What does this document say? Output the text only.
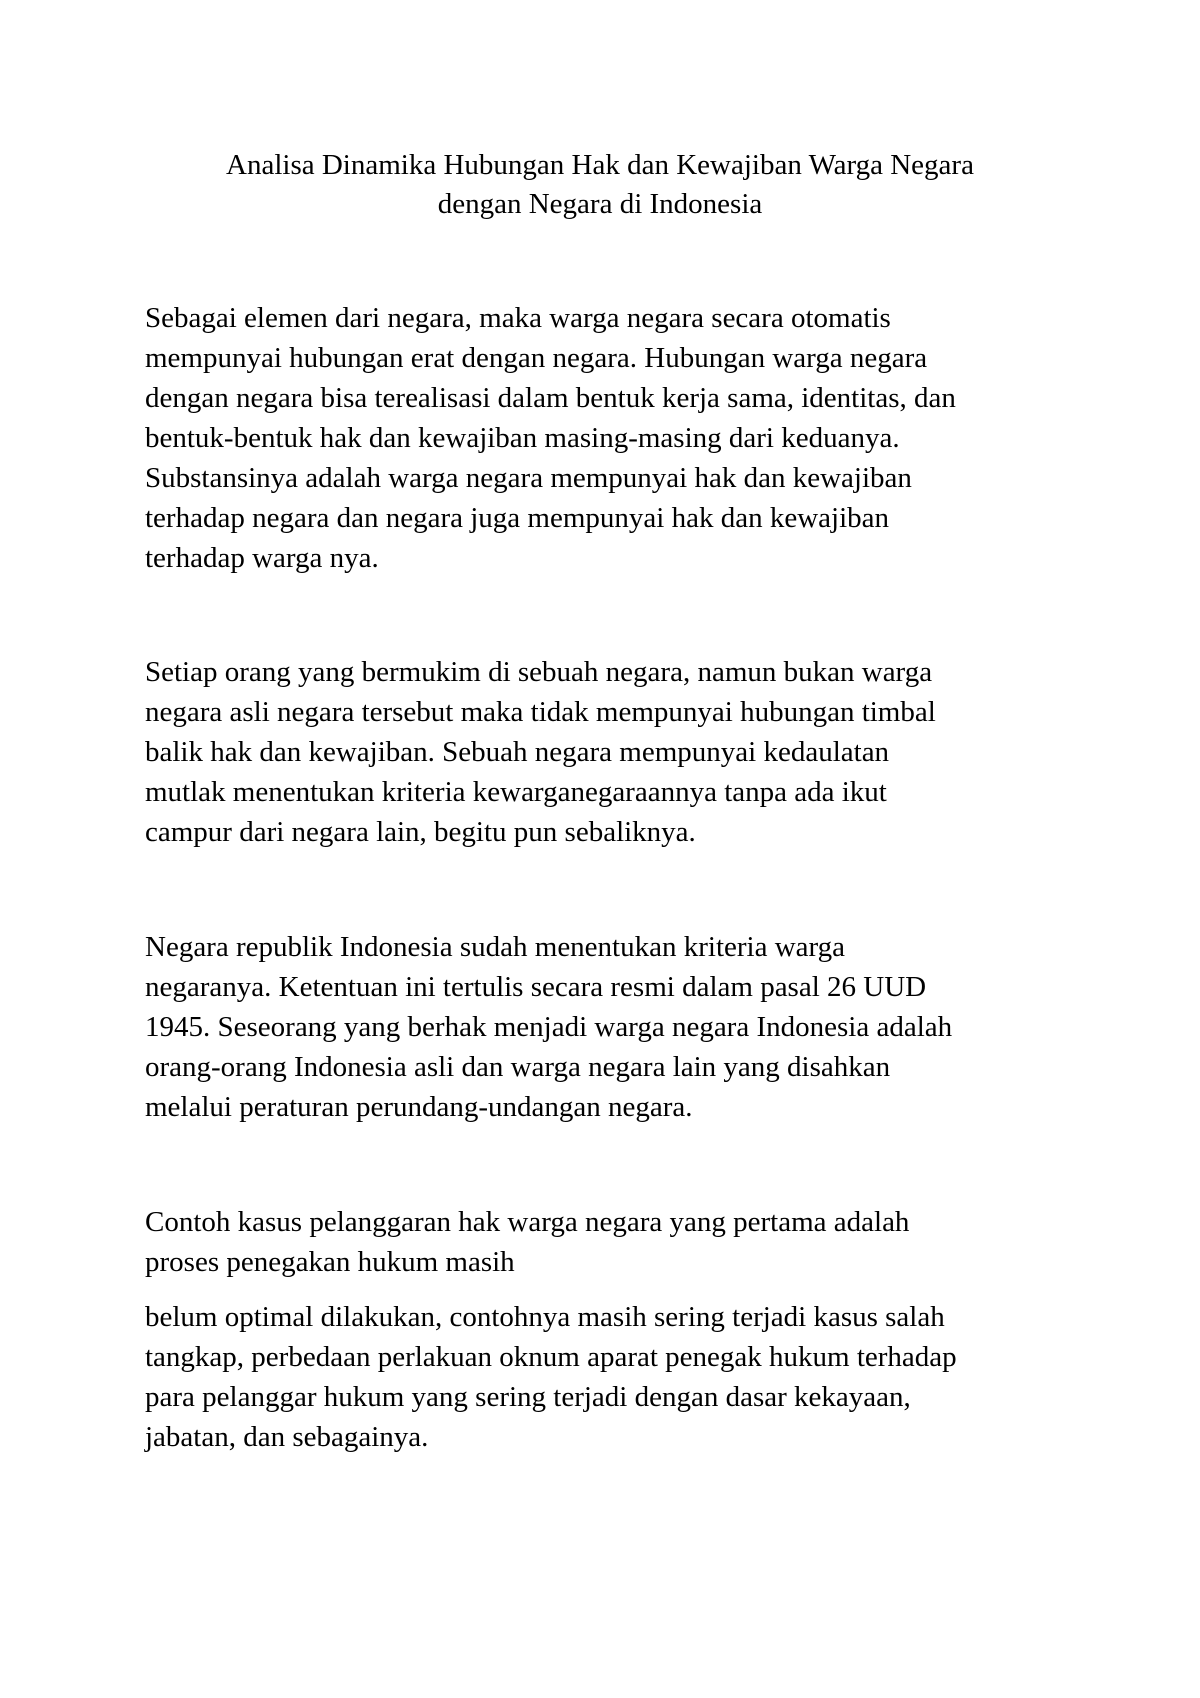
Analisa Dinamika Hubungan Hak dan Kewajiban Warga Negara
dengan Negara di Indonesia

Sebagai elemen dari negara, maka warga negara secara otomatis
mempunyai hubungan erat dengan negara. Hubungan warga negara
dengan negara bisa terealisasi dalam bentuk kerja sama, identitas, dan
bentuk-bentuk hak dan kewajiban masing-masing dari keduanya.
Substansinya adalah warga negara mempunyai hak dan kewajiban
terhadap negara dan negara juga mempunyai hak dan kewajiban
terhadap warga nya.

Setiap orang yang bermukim di sebuah negara, namun bukan warga
negara asli negara tersebut maka tidak mempunyai hubungan timbal
balik hak dan kewajiban. Sebuah negara mempunyai kedaulatan
mutlak menentukan kriteria kewarganegaraannya tanpa ada ikut
campur dari negara lain, begitu pun sebaliknya.

Negara republik Indonesia sudah menentukan kriteria warga
negaranya. Ketentuan ini tertulis secara resmi dalam pasal 26 UUD
1945. Seseorang yang berhak menjadi warga negara Indonesia adalah
orang-orang Indonesia asli dan warga negara lain yang disahkan
melalui peraturan perundang-undangan negara.

Contoh kasus pelanggaran hak warga negara yang pertama adalah
proses penegakan hukum masih

belum optimal dilakukan, contohnya masih sering terjadi kasus salah
tangkap, perbedaan perlakuan oknum aparat penegak hukum terhadap
para pelanggar hukum yang sering terjadi dengan dasar kekayaan,
jabatan, dan sebagainya.
